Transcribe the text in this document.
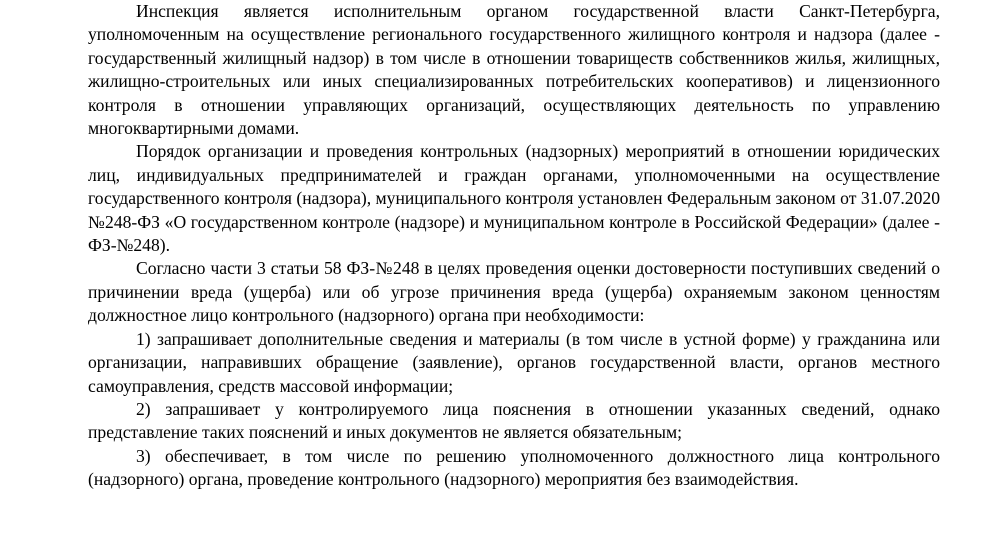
Инспекция является исполнительным органом государственной власти Санкт-Петербурга, уполномоченным на осуществление регионального государственного жилищного контроля и надзора (далее - государственный жилищный надзор) в том числе в отношении товариществ собственников жилья, жилищных, жилищно-строительных или иных специализированных потребительских кооперативов) и лицензионного контроля в отношении управляющих организаций, осуществляющих деятельность по управлению многоквартирными домами.

Порядок организации и проведения контрольных (надзорных) мероприятий в отношении юридических лиц, индивидуальных предпринимателей и граждан органами, уполномоченными на осуществление государственного контроля (надзора), муниципального контроля установлен Федеральным законом от 31.07.2020 №248-ФЗ «О государственном контроле (надзоре) и муниципальном контроле в Российской Федерации» (далее - ФЗ-№248).

Согласно части 3 статьи 58 ФЗ-№248 в целях проведения оценки достоверности поступивших сведений о причинении вреда (ущерба) или об угрозе причинения вреда (ущерба) охраняемым законом ценностям должностное лицо контрольного (надзорного) органа при необходимости:

1) запрашивает дополнительные сведения и материалы (в том числе в устной форме) у гражданина или организации, направивших обращение (заявление), органов государственной власти, органов местного самоуправления, средств массовой информации;

2) запрашивает у контролируемого лица пояснения в отношении указанных сведений, однако представление таких пояснений и иных документов не является обязательным;

3) обеспечивает, в том числе по решению уполномоченного должностного лица контрольного (надзорного) органа, проведение контрольного (надзорного) мероприятия без взаимодействия.
